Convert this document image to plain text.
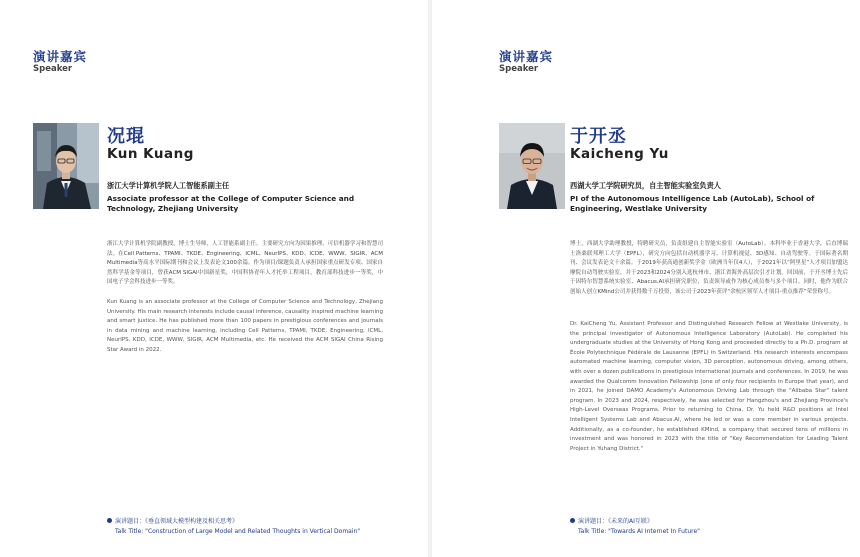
演讲嘉宾
Speaker
况琨
Kun Kuang
浙江大学计算机学院人工智能系副主任
Associate professor at the College of Computer Science and Technology, Zhejiang University
浙江大学计算机学院副教授，博士生导师，人工智能系副主任。主要研究方向为因果推理、可信机器学习和智慧司法。在Cell Patterns、TPAMI、TKDE、Engineering、ICML、NeurIPS、KDD、ICDE、WWW、SIGIR、ACM Multimedia等高水平国际期刊和会议上发表论文100余篇。作为项目/课题负责人承担国家重点研发专项、国家自然科学基金等项目，曾获ACM SIGAI中国新星奖，中国科协青年人才托举工程项目，教育部科技进步一等奖，中国电子学会科技进步一等奖。
Kun Kuang is an associate professor at the College of Computer Science and Technology, Zhejiang University. His main research interests include causal inference, causality inspired machine learning and smart justice. He has published more than 100 papers in prestigious conferences and journals in data mining and machine learning, including Cell Patterns, TPAMI, TKDE, Engineering, ICML, NeurIPS, KDD, ICDE, WWW, SIGIR, ACM Multimedia, etc. He received the ACM SIGAI China Rising Star Award in 2022.
演讲题目：《垂直领域大模型构建及相关思考》
Talk Title: "Construction of Large Model and Related Thoughts in Vertical Domain"
演讲嘉宾
Speaker
于开丞
Kaicheng Yu
西湖大学工学院研究员，自主智能实验室负责人
PI of the Autonomous Intelligence Lab (AutoLab), School of Engineering, Westlake University
博士，西湖大学助理教授，特聘研究员，负责组建自主智能实验室（AutoLab）。本科毕业于香港大学，后直博瑞士洛桑联邦理工大学（EPFL），研究方向包括自动机器学习、计算机视觉、3D感知、自动驾驶等。于国际著名期刊、会议发表论文十余篇。于2019年获高通创新奖学金（欧洲当年仅4人），于2021年以“阿里星”人才项目加盟达摩院自动驾驶实验室，并于2023和2024分别入选杭州市、浙江省海外高层次引才计划。回国前，于开丞博士先后于因特尔智慧系统实验室、Abacus.AI承担研究职位，负责领导或作为核心成员参与多个项目。同时，他作为联合创始人创立KMind公司并获得数千万投资，该公司于2023年获评“余杭区领军人才项目-重点推荐”荣誉称号。
Dr. KaiCheng Yu, Assistant Professor and Distinguished Research Fellow at Westlake University, is the principal investigator of Autonomous Intelligence Laboratory (AutoLab). He completed his undergraduate studies at the University of Hong Kong and proceeded directly to a Ph.D. program at École Polytechnique Fédérale de Lausanne (EPFL) in Switzerland. His research interests encompass automated machine learning, computer vision, 3D perception, autonomous driving, among others, with over a dozen publications in prestigious international journals and conferences. In 2019, he was awarded the Qualcomm Innovation Fellowship (one of only four recipients in Europe that year), and in 2021, he joined DAMO Academy's Autonomous Driving Lab through the "Alibaba Star" talent program. In 2023 and 2024, respectively, he was selected for Hangzhou's and Zhejiang Province's High-Level Overseas Programs. Prior to returning to China, Dr. Yu held R&D positions at Intel Intelligent Systems Lab and Abacus.AI, where he led or was a core member in various projects. Additionally, as a co-founder, he established KMind, a company that secured tens of millions in investment and was honored in 2023 with the title of "Key Recommendation for Leading Talent Project in Yuhang District."
演讲题目：《未来的AI互联》
Talk Title: "Towards AI Internet In Future"
